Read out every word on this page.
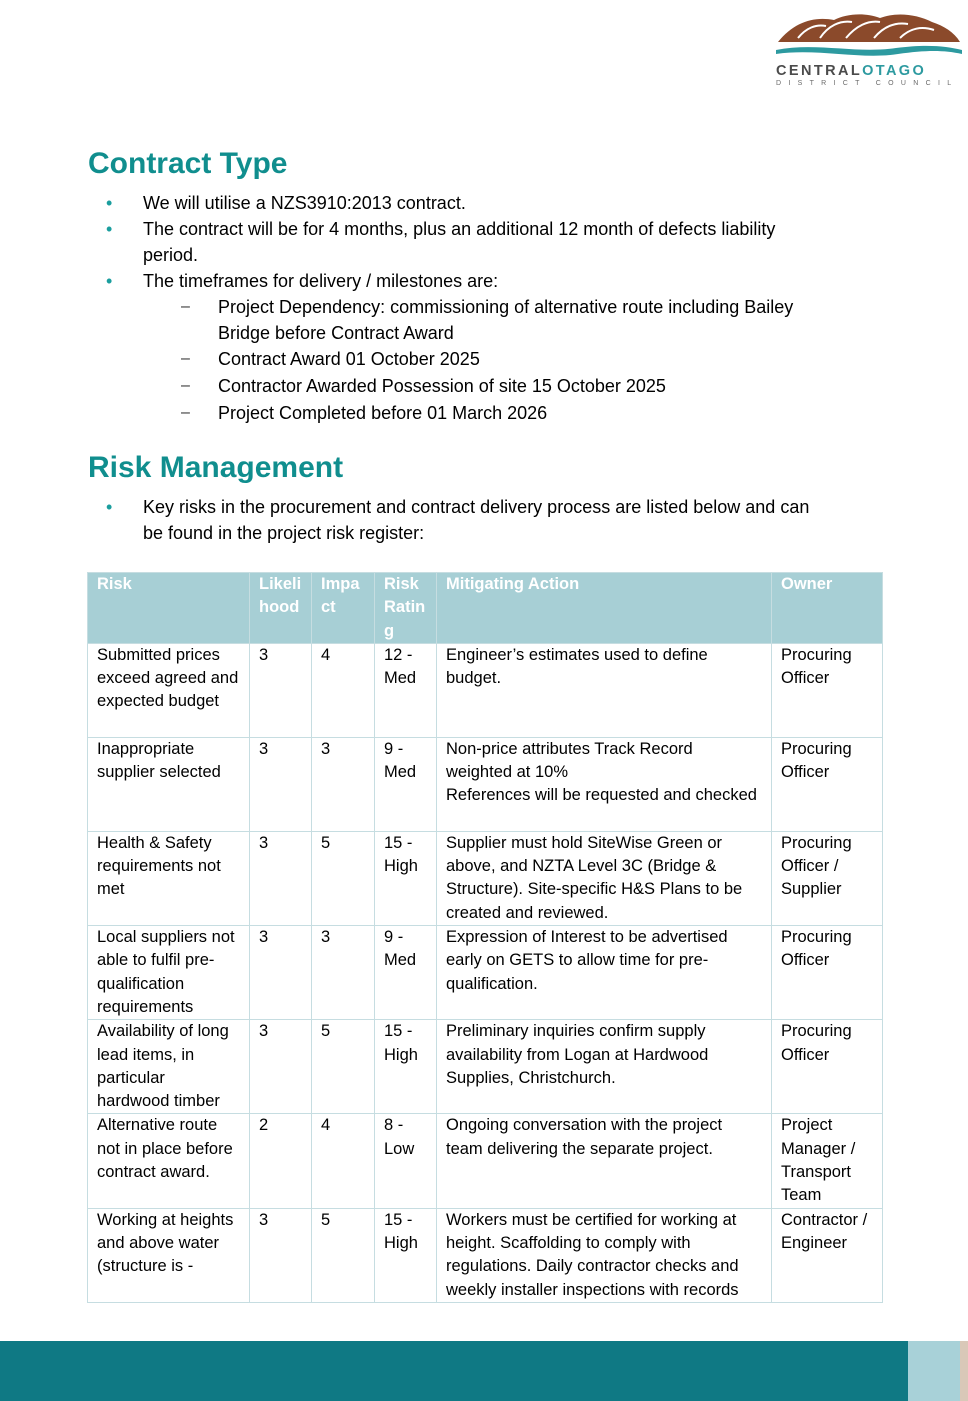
CENTRALOTAGO
DISTRICT COUNCIL
Contract Type
• We will utilise a NZS3910:2013 contract.
• The contract will be for 4 months, plus an additional 12 month of defects liability
period.
• The timeframes for delivery / milestones are:
– Project Dependency: commissioning of alternative route including Bailey
Bridge before Contract Award
– Contract Award 01 October 2025
– Contractor Awarded Possession of site 15 October 2025
– Project Completed before 01 March 2026
Risk Management
• Key risks in the procurement and contract delivery process are listed below and can
be found in the project risk register:
Risk	Likelihood	Impact	Risk Rating	Mitigating Action	Owner
Submitted prices exceed agreed and expected budget	3	4	12 - Med	Engineer’s estimates used to define budget.	Procuring Officer
Inappropriate supplier selected	3	3	9 - Med	Non-price attributes Track Record weighted at 10%
References will be requested and checked	Procuring Officer
Health & Safety requirements not met	3	5	15 - High	Supplier must hold SiteWise Green or above, and NZTA Level 3C (Bridge & Structure). Site-specific H&S Plans to be created and reviewed.	Procuring Officer / Supplier
Local suppliers not able to fulfil pre-qualification requirements	3	3	9 - Med	Expression of Interest to be advertised early on GETS to allow time for pre-qualification.	Procuring Officer
Availability of long lead items, in particular hardwood timber	3	5	15 - High	Preliminary inquiries confirm supply availability from Logan at Hardwood Supplies, Christchurch.	Procuring Officer
Alternative route not in place before contract award.	2	4	8 - Low	Ongoing conversation with the project team delivering the separate project.	Project Manager / Transport Team
Working at heights and above water (structure is -	3	5	15 - High	Workers must be certified for working at height. Scaffolding to comply with regulations. Daily contractor checks and weekly installer inspections with records	Contractor / Engineer
